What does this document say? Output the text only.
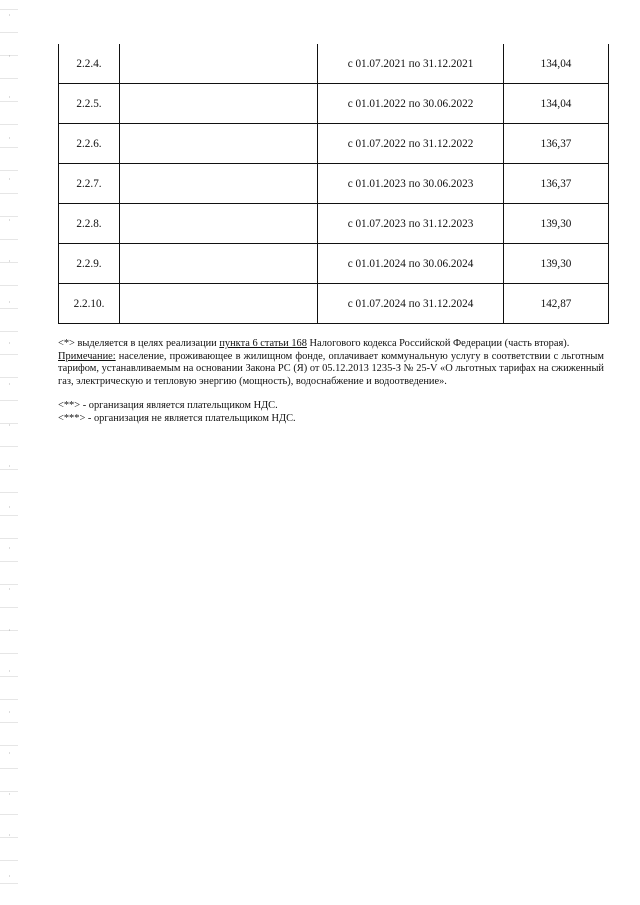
2.2.4.		с 01.07.2021 по 31.12.2021	134,04
2.2.5.		с 01.01.2022 по 30.06.2022	134,04
2.2.6.		с 01.07.2022 по 31.12.2022	136,37
2.2.7.		с 01.01.2023 по 30.06.2023	136,37
2.2.8.		с 01.07.2023 по 31.12.2023	139,30
2.2.9.		с 01.01.2024 по 30.06.2024	139,30
2.2.10.		с 01.07.2024 по 31.12.2024	142,87

<*> выделяется в целях реализации пункта 6 статьи 168 Налогового кодекса Российской Федерации (часть вторая).

Примечание: население, проживающее в жилищном фонде, оплачивает коммунальную услугу в соответствии с льготным тарифом, устанавливаемым на основании Закона РС (Я) от 05.12.2013 1235-З № 25-V «О льготных тарифах на сжиженный газ, электрическую и тепловую энергию (мощность), водоснабжение и водоотведение».

<**> - организация является плательщиком НДС.

<***> - организация не является плательщиком НДС.
